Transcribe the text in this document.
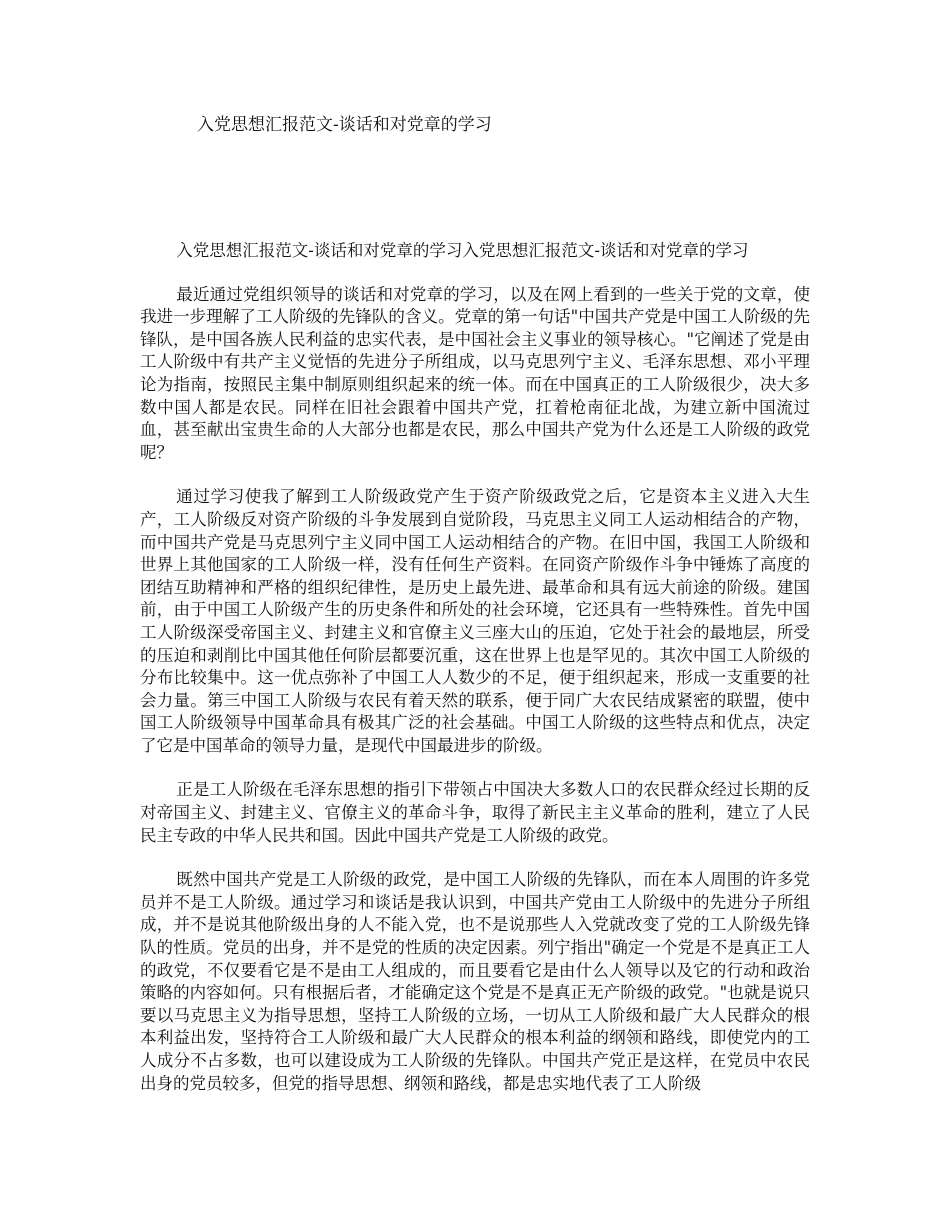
入党思想汇报范文-谈话和对党章的学习

入党思想汇报范文-谈话和对党章的学习入党思想汇报范文-谈话和对党章的学习

最近通过党组织领导的谈话和对党章的学习，以及在网上看到的一些关于党的文章，使我进一步理解了工人阶级的先锋队的含义。党章的第一句话"中国共产党是中国工人阶级的先锋队，是中国各族人民利益的忠实代表，是中国社会主义事业的领导核心。"它阐述了党是由工人阶级中有共产主义觉悟的先进分子所组成，以马克思列宁主义、毛泽东思想、邓小平理论为指南，按照民主集中制原则组织起来的统一体。而在中国真正的工人阶级很少，决大多数中国人都是农民。同样在旧社会跟着中国共产党，扛着枪南征北战，为建立新中国流过血，甚至献出宝贵生命的人大部分也都是农民，那么中国共产党为什么还是工人阶级的政党呢？

通过学习使我了解到工人阶级政党产生于资产阶级政党之后，它是资本主义进入大生产，工人阶级反对资产阶级的斗争发展到自觉阶段，马克思主义同工人运动相结合的产物，而中国共产党是马克思列宁主义同中国工人运动相结合的产物。在旧中国，我国工人阶级和世界上其他国家的工人阶级一样，没有任何生产资料。在同资产阶级作斗争中锤炼了高度的团结互助精神和严格的组织纪律性，是历史上最先进、最革命和具有远大前途的阶级。建国前，由于中国工人阶级产生的历史条件和所处的社会环境，它还具有一些特殊性。首先中国工人阶级深受帝国主义、封建主义和官僚主义三座大山的压迫，它处于社会的最地层，所受的压迫和剥削比中国其他任何阶层都要沉重，这在世界上也是罕见的。其次中国工人阶级的分布比较集中。这一优点弥补了中国工人人数少的不足，便于组织起来，形成一支重要的社会力量。第三中国工人阶级与农民有着天然的联系，便于同广大农民结成紧密的联盟，使中国工人阶级领导中国革命具有极其广泛的社会基础。中国工人阶级的这些特点和优点，决定了它是中国革命的领导力量，是现代中国最进步的阶级。

正是工人阶级在毛泽东思想的指引下带领占中国决大多数人口的农民群众经过长期的反对帝国主义、封建主义、官僚主义的革命斗争，取得了新民主主义革命的胜利，建立了人民民主专政的中华人民共和国。因此中国共产党是工人阶级的政党。

既然中国共产党是工人阶级的政党，是中国工人阶级的先锋队，而在本人周围的许多党员并不是工人阶级。通过学习和谈话是我认识到，中国共产党由工人阶级中的先进分子所组成，并不是说其他阶级出身的人不能入党，也不是说那些人入党就改变了党的工人阶级先锋队的性质。党员的出身，并不是党的性质的决定因素。列宁指出"确定一个党是不是真正工人的政党，不仅要看它是不是由工人组成的，而且要看它是由什么人领导以及它的行动和政治策略的内容如何。只有根据后者，才能确定这个党是不是真正无产阶级的政党。"也就是说只要以马克思主义为指导思想，坚持工人阶级的立场，一切从工人阶级和最广大人民群众的根本利益出发，坚持符合工人阶级和最广大人民群众的根本利益的纲领和路线，即使党内的工人成分不占多数，也可以建设成为工人阶级的先锋队。中国共产党正是这样，在党员中农民出身的党员较多，但党的指导思想、纲领和路线，都是忠实地代表了工人阶级
